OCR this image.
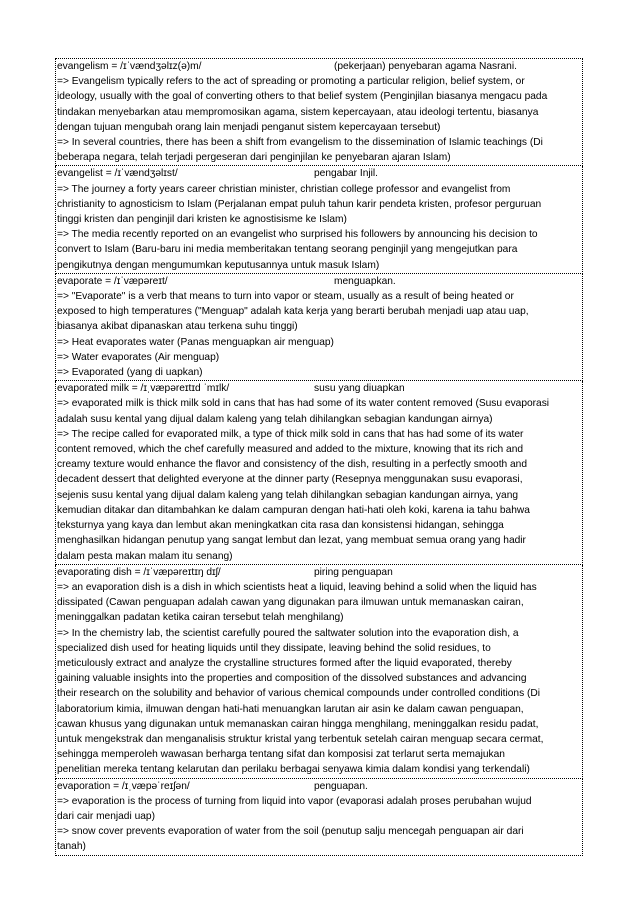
evangelism = /ɪˈvændʒəlɪz(ə)m/	(pekerjaan) penyebaran agama Nasrani.
=> Evangelism typically refers to the act of spreading or promoting a particular religion, belief system, or
ideology, usually with the goal of converting others to that belief system (Penginjilan biasanya mengacu pada
tindakan menyebarkan atau mempromosikan agama, sistem kepercayaan, atau ideologi tertentu, biasanya
dengan tujuan mengubah orang lain menjadi penganut sistem kepercayaan tersebut)
=> In several countries, there has been a shift from evangelism to the dissemination of Islamic teachings (Di
beberapa negara, telah terjadi pergeseran dari penginjilan ke penyebaran ajaran Islam)
evangelist = /ɪˈvændʒəlɪst/	pengabar Injil.
=> The journey a forty years career christian minister, christian college professor and evangelist from
christianity to agnosticism to Islam (Perjalanan empat puluh tahun karir pendeta kristen, profesor perguruan
tinggi kristen dan penginjil dari kristen ke agnostisisme ke Islam)
=> The media recently reported on an evangelist who surprised his followers by announcing his decision to
convert to Islam (Baru-baru ini media memberitakan tentang seorang penginjil yang mengejutkan para
pengikutnya dengan mengumumkan keputusannya untuk masuk Islam)
evaporate = /ɪˈvæpəreɪt/	menguapkan.
=> "Evaporate" is a verb that means to turn into vapor or steam, usually as a result of being heated or
exposed to high temperatures ("Menguap" adalah kata kerja yang berarti berubah menjadi uap atau uap,
biasanya akibat dipanaskan atau terkena suhu tinggi)
=> Heat evaporates water (Panas menguapkan air menguap)
=> Water evaporates (Air menguap)
=> Evaporated (yang di uapkan)
evaporated milk = /ɪˌvæpəreɪtɪd ˈmɪlk/	susu yang diuapkan
=> evaporated milk is thick milk sold in cans that has had some of its water content removed (Susu evaporasi
adalah susu kental yang dijual dalam kaleng yang telah dihilangkan sebagian kandungan airnya)
=> The recipe called for evaporated milk, a type of thick milk sold in cans that has had some of its water
content removed, which the chef carefully measured and added to the mixture, knowing that its rich and
creamy texture would enhance the flavor and consistency of the dish, resulting in a perfectly smooth and
decadent dessert that delighted everyone at the dinner party (Resepnya menggunakan susu evaporasi,
sejenis susu kental yang dijual dalam kaleng yang telah dihilangkan sebagian kandungan airnya, yang
kemudian ditakar dan ditambahkan ke dalam campuran dengan hati-hati oleh koki, karena ia tahu bahwa
teksturnya yang kaya dan lembut akan meningkatkan cita rasa dan konsistensi hidangan, sehingga
menghasilkan hidangan penutup yang sangat lembut dan lezat, yang membuat semua orang yang hadir
dalam pesta makan malam itu senang)
evaporating dish = /ɪˈvæpəreɪtɪŋ dɪʃ/	piring penguapan
=> an evaporation dish is a dish in which scientists heat a liquid, leaving behind a solid when the liquid has
dissipated (Cawan penguapan adalah cawan yang digunakan para ilmuwan untuk memanaskan cairan,
meninggalkan padatan ketika cairan tersebut telah menghilang)
=> In the chemistry lab, the scientist carefully poured the saltwater solution into the evaporation dish, a
specialized dish used for heating liquids until they dissipate, leaving behind the solid residues, to
meticulously extract and analyze the crystalline structures formed after the liquid evaporated, thereby
gaining valuable insights into the properties and composition of the dissolved substances and advancing
their research on the solubility and behavior of various chemical compounds under controlled conditions (Di
laboratorium kimia, ilmuwan dengan hati-hati menuangkan larutan air asin ke dalam cawan penguapan,
cawan khusus yang digunakan untuk memanaskan cairan hingga menghilang, meninggalkan residu padat,
untuk mengekstrak dan menganalisis struktur kristal yang terbentuk setelah cairan menguap secara cermat,
sehingga memperoleh wawasan berharga tentang sifat dan komposisi zat terlarut serta memajukan
penelitian mereka tentang kelarutan dan perilaku berbagai senyawa kimia dalam kondisi yang terkendali)
evaporation = /ɪˌvæpəˈreɪʃən/	penguapan.
=> evaporation is the process of turning from liquid into vapor (evaporasi adalah proses perubahan wujud
dari cair menjadi uap)
=> snow cover prevents evaporation of water from the soil (penutup salju mencegah penguapan air dari
tanah)
